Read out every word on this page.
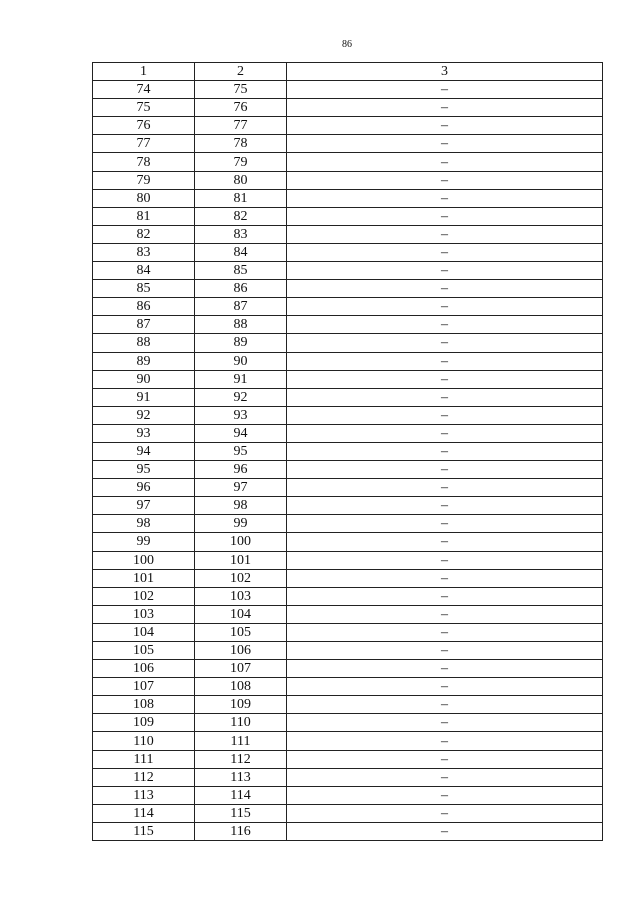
86
1	2	3
74	75	–
75	76	–
76	77	–
77	78	–
78	79	–
79	80	–
80	81	–
81	82	–
82	83	–
83	84	–
84	85	–
85	86	–
86	87	–
87	88	–
88	89	–
89	90	–
90	91	–
91	92	–
92	93	–
93	94	–
94	95	–
95	96	–
96	97	–
97	98	–
98	99	–
99	100	–
100	101	–
101	102	–
102	103	–
103	104	–
104	105	–
105	106	–
106	107	–
107	108	–
108	109	–
109	110	–
110	111	–
111	112	–
112	113	–
113	114	–
114	115	–
115	116	–
